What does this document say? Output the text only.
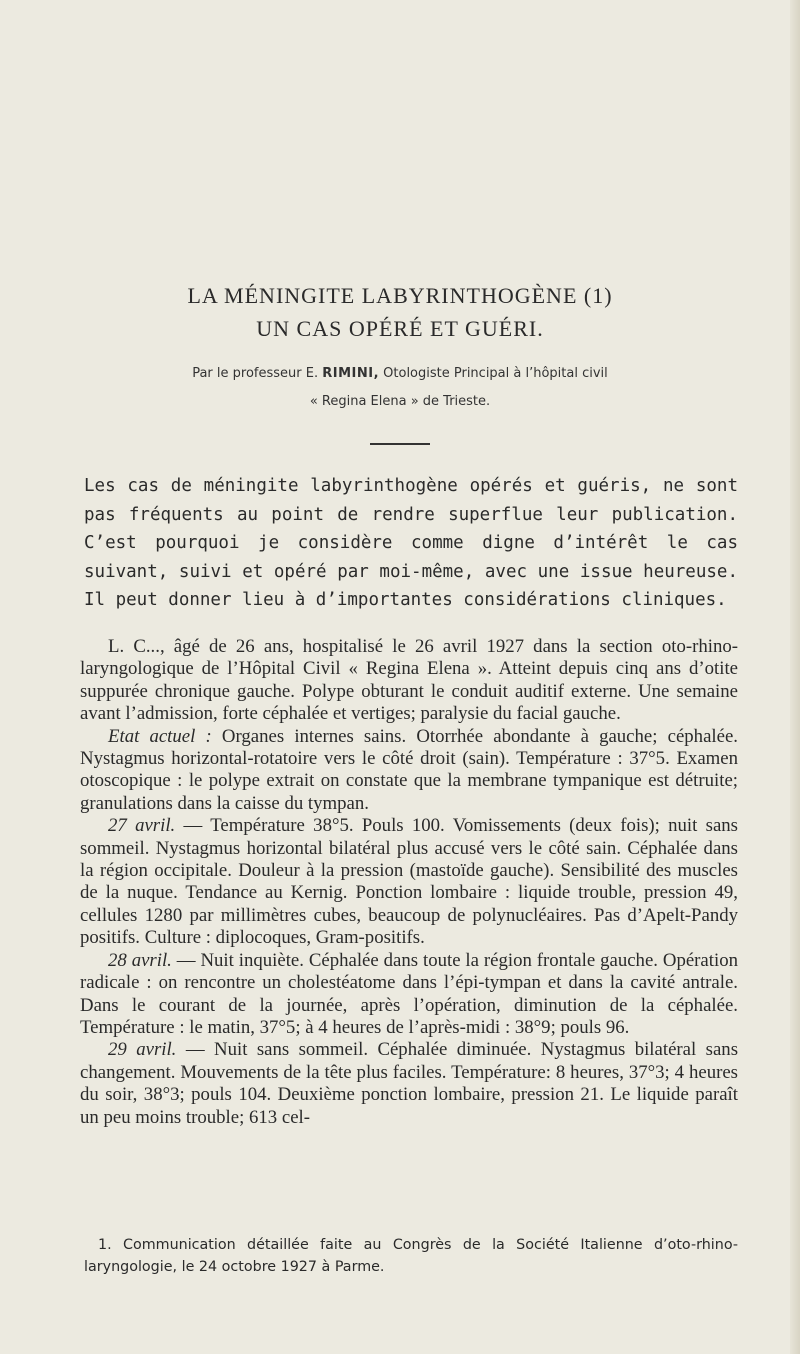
LA MÉNINGITE LABYRINTHOGÈNE (1)
UN CAS OPÉRÉ ET GUÉRI.
Par le professeur E. RIMINI, Otologiste Principal à l’hôpital civil
« Regina Elena » de Trieste.

Les cas de méningite labyrinthogène opérés et guéris, ne sont pas fréquents au point de rendre superflue leur publication. C’est pourquoi je considère comme digne d’intérêt le cas suivant, suivi et opéré par moi-même, avec une issue heureuse. Il peut donner lieu à d’importantes considérations cliniques.

L. C..., âgé de 26 ans, hospitalisé le 26 avril 1927 dans la section oto-rhino-laryngologique de l’Hôpital Civil « Regina Elena ». Atteint depuis cinq ans d’otite suppurée chronique gauche. Polype obturant le conduit auditif externe. Une semaine avant l’admission, forte céphalée et vertiges; paralysie du facial gauche.

Etat actuel : Organes internes sains. Otorrhée abondante à gauche; céphalée. Nystagmus horizontal-rotatoire vers le côté droit (sain). Température : 37°5. Examen otoscopique : le polype extrait on constate que la membrane tympanique est détruite; granulations dans la caisse du tympan.

27 avril. — Température 38°5. Pouls 100. Vomissements (deux fois); nuit sans sommeil. Nystagmus horizontal bilatéral plus accusé vers le côté sain. Céphalée dans la région occipitale. Douleur à la pression (mastoïde gauche). Sensibilité des muscles de la nuque. Tendance au Kernig. Ponction lombaire : liquide trouble, pression 49, cellules 1280 par millimètres cubes, beaucoup de polynucléaires. Pas d’Apelt-Pandy positifs. Culture : diplocoques, Gram-positifs.

28 avril. — Nuit inquiète. Céphalée dans toute la région frontale gauche. Opération radicale : on rencontre un cholestéatome dans l’épi-tympan et dans la cavité antrale. Dans le courant de la journée, après l’opération, diminution de la céphalée. Température : le matin, 37°5; à 4 heures de l’après-midi : 38°9; pouls 96.

29 avril. — Nuit sans sommeil. Céphalée diminuée. Nystagmus bilatéral sans changement. Mouvements de la tête plus faciles. Température: 8 heures, 37°3; 4 heures du soir, 38°3; pouls 104. Deuxième ponction lombaire, pression 21. Le liquide paraît un peu moins trouble; 613 cel-

1. Communication détaillée faite au Congrès de la Société Italienne d’oto-rhino-laryngologie, le 24 octobre 1927 à Parme.
